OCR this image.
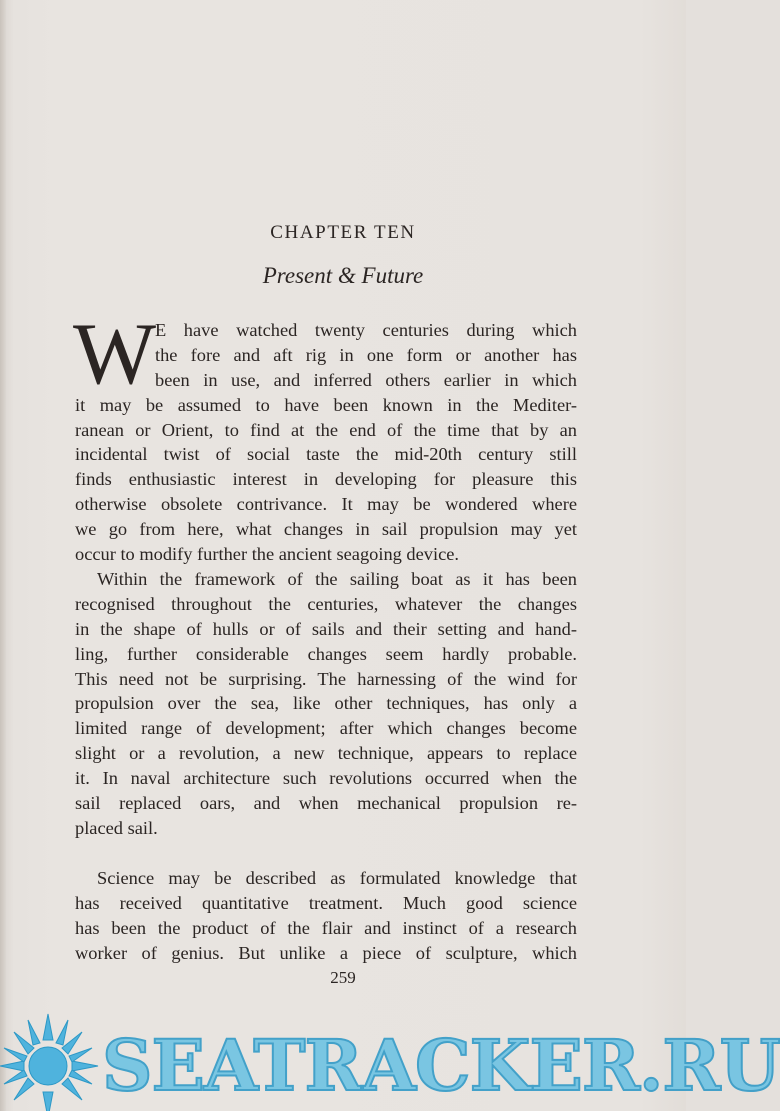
CHAPTER TEN
Present & Future
W
E have watched twenty centuries during which
the fore and aft rig in one form or another has
been in use, and inferred others earlier in which
it may be assumed to have been known in the Mediter-
ranean or Orient, to find at the end of the time that by an
incidental twist of social taste the mid-20th century still
finds enthusiastic interest in developing for pleasure this
otherwise obsolete contrivance. It may be wondered where
we go from here, what changes in sail propulsion may yet
occur to modify further the ancient seagoing device.
Within the framework of the sailing boat as it has been
recognised throughout the centuries, whatever the changes
in the shape of hulls or of sails and their setting and hand-
ling, further considerable changes seem hardly probable.
This need not be surprising. The harnessing of the wind for
propulsion over the sea, like other techniques, has only a
limited range of development; after which changes become
slight or a revolution, a new technique, appears to replace
it. In naval architecture such revolutions occurred when the
sail replaced oars, and when mechanical propulsion re-
placed sail.
Science may be described as formulated knowledge that
has received quantitative treatment. Much good science
has been the product of the flair and instinct of a research
worker of genius. But unlike a piece of sculpture, which
259
SEATRACKER.RU
